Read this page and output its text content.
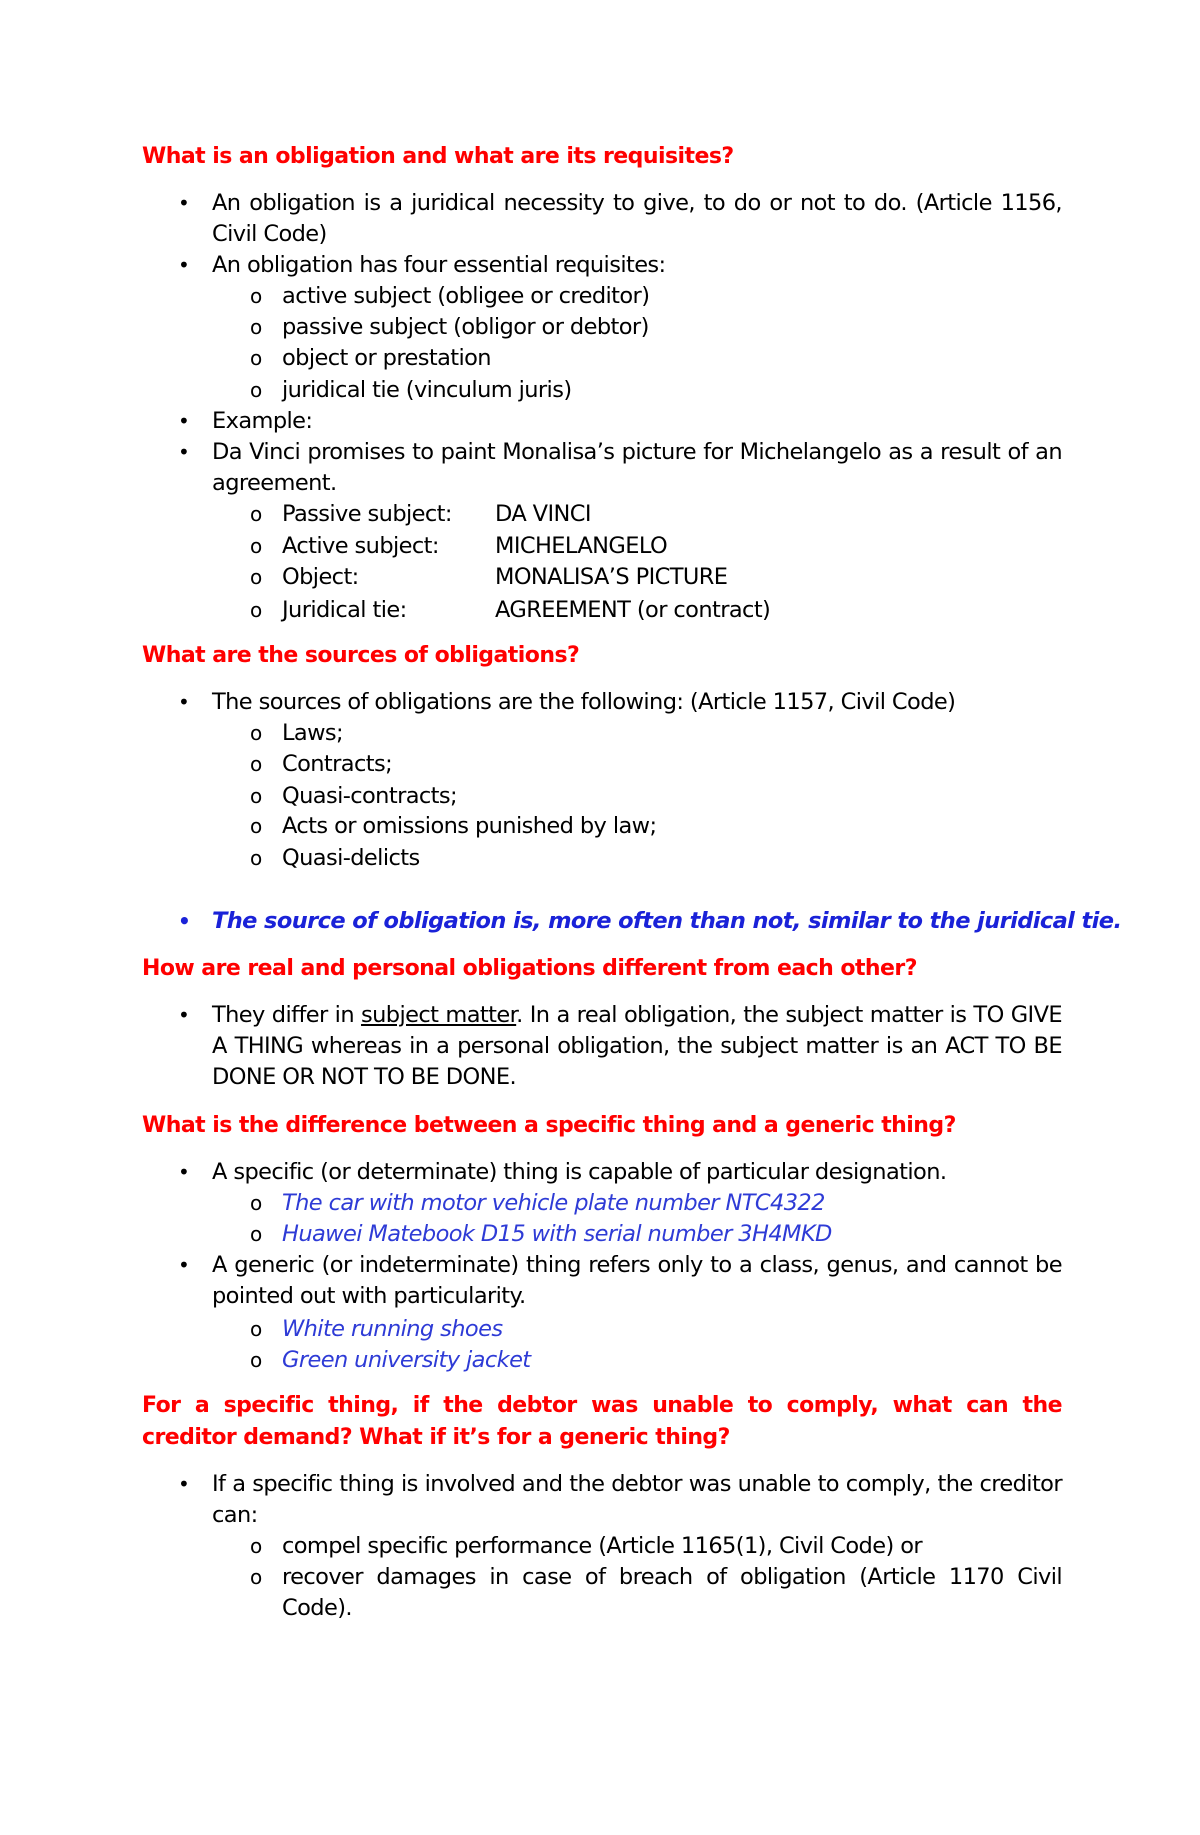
What is an obligation and what are its requisites?
• An obligation is a juridical necessity to give, to do or not to do. (Article 1156, Civil Code)
• An obligation has four essential requisites:
o active subject (obligee or creditor)
o passive subject (obligor or debtor)
o object or prestation
o juridical tie (vinculum juris)
• Example:
• Da Vinci promises to paint Monalisa’s picture for Michelangelo as a result of an agreement.
o Passive subject: DA VINCI
o Active subject: MICHELANGELO
o Object:	MONALISA’S PICTURE
o Juridical tie:	AGREEMENT (or contract)
What are the sources of obligations?
• The sources of obligations are the following: (Article 1157, Civil Code)
o Laws;
o Contracts;
o Quasi-contracts;
o Acts or omissions punished by law;
o Quasi-delicts
• The source of obligation is, more often than not, similar to the juridical tie.
How are real and personal obligations different from each other?
• They differ in subject matter. In a real obligation, the subject matter is TO GIVE A THING whereas in a personal obligation, the subject matter is an ACT TO BE DONE OR NOT TO BE DONE.
What is the difference between a specific thing and a generic thing?
• A specific (or determinate) thing is capable of particular designation.
o The car with motor vehicle plate number NTC4322
o Huawei Matebook D15 with serial number 3H4MKD
• A generic (or indeterminate) thing refers only to a class, genus, and cannot be pointed out with particularity.
o White running shoes
o Green university jacket
For a specific thing, if the debtor was unable to comply, what can the creditor demand? What if it’s for a generic thing?
• If a specific thing is involved and the debtor was unable to comply, the creditor can:
o compel specific performance (Article 1165(1), Civil Code) or
o recover damages in case of breach of obligation (Article 1170 Civil Code).
